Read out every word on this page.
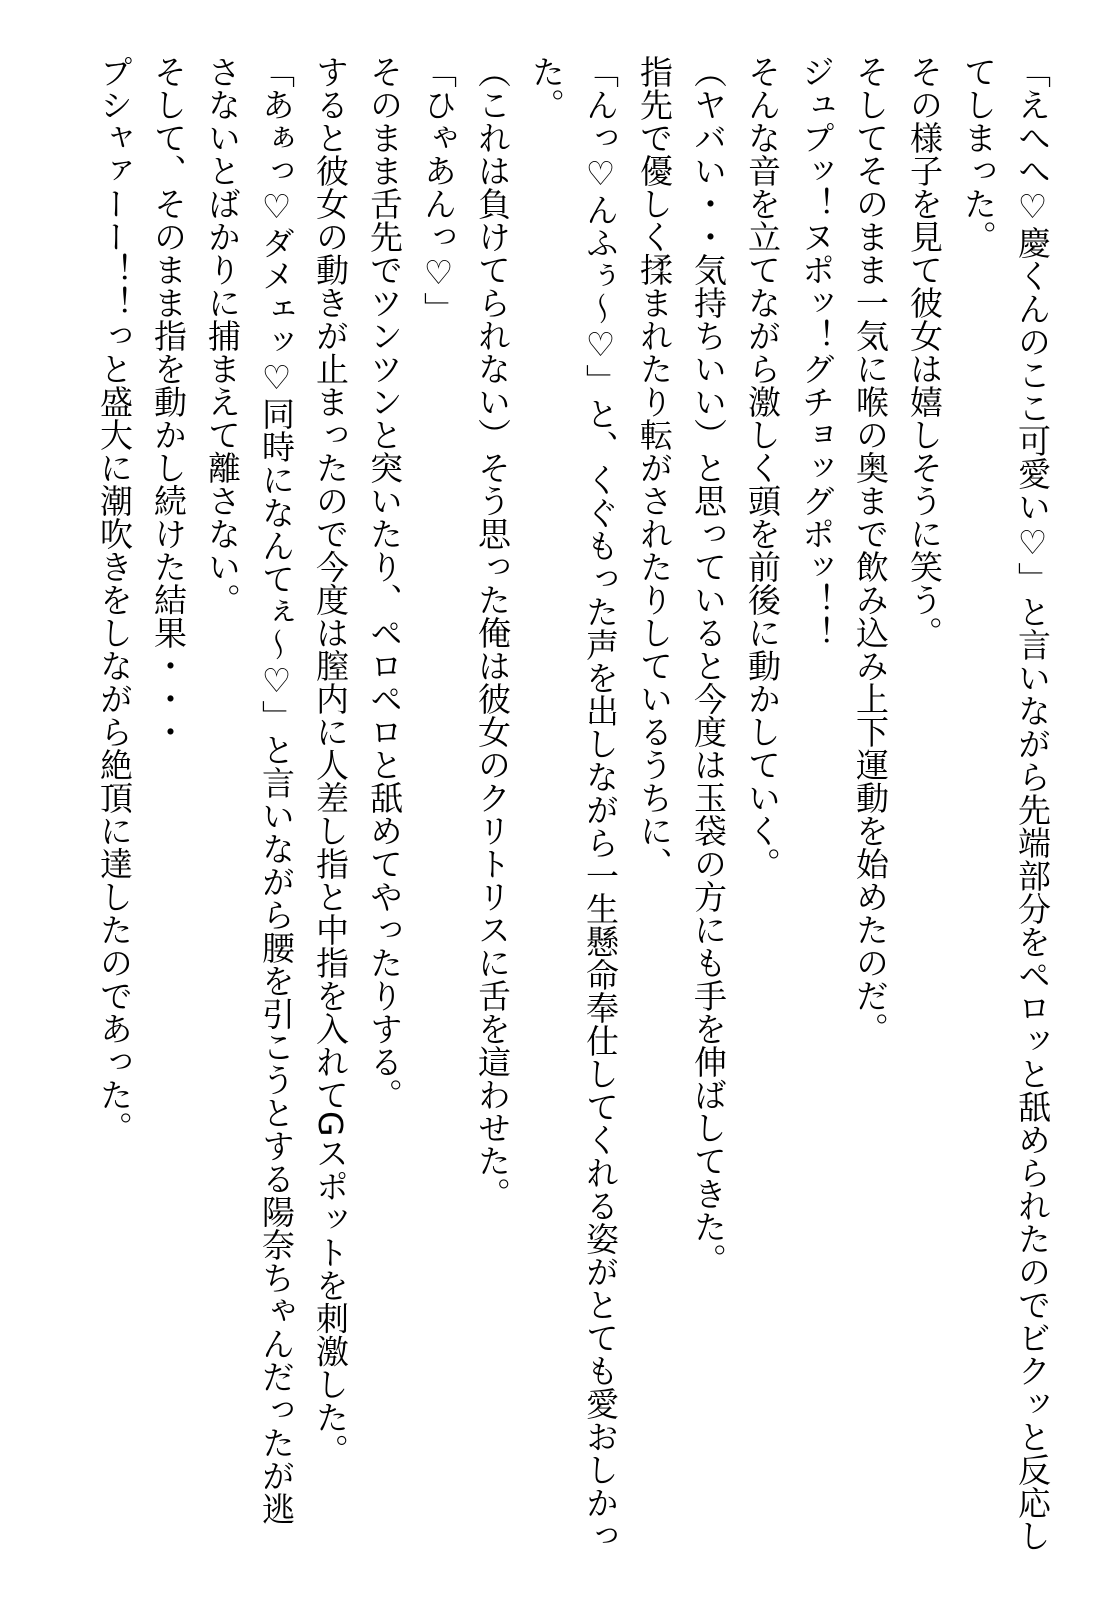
「えへへ♡慶くんのここ可愛い♡」と言いながら先端部分をペロッと舐められたのでビクッと反応してしまった。

その様子を見て彼女は嬉しそうに笑う。

そしてそのまま一気に喉の奥まで飲み込み上下運動を始めたのだ。

ジュプッ！ヌポッ！グチョッグポッ！！

そんな音を立てながら激しく頭を前後に動かしていく。

（ヤバい・・気持ちいい）と思っていると今度は玉袋の方にも手を伸ばしてきた。

指先で優しく揉まれたり転がされたりしているうちに、

「んっ♡んふぅ～♡」と、くぐもった声を出しながら一生懸命奉仕してくれる姿がとても愛おしかった。

（これは負けてられない）そう思った俺は彼女のクリトリスに舌を這わせた。

「ひゃあんっ♡」

そのまま舌先でツンツンと突いたり、ペロペロと舐めてやったりする。

すると彼女の動きが止まったので今度は膣内に人差し指と中指を入れてGスポットを刺激した。

「あぁっ♡ダメェッ♡同時になんてぇ～♡」と言いながら腰を引こうとする陽奈ちゃんだったが逃さないとばかりに捕まえて離さない。

そして、そのまま指を動かし続けた結果・・・

プシャァーー！！っと盛大に潮吹きをしながら絶頂に達したのであった。
